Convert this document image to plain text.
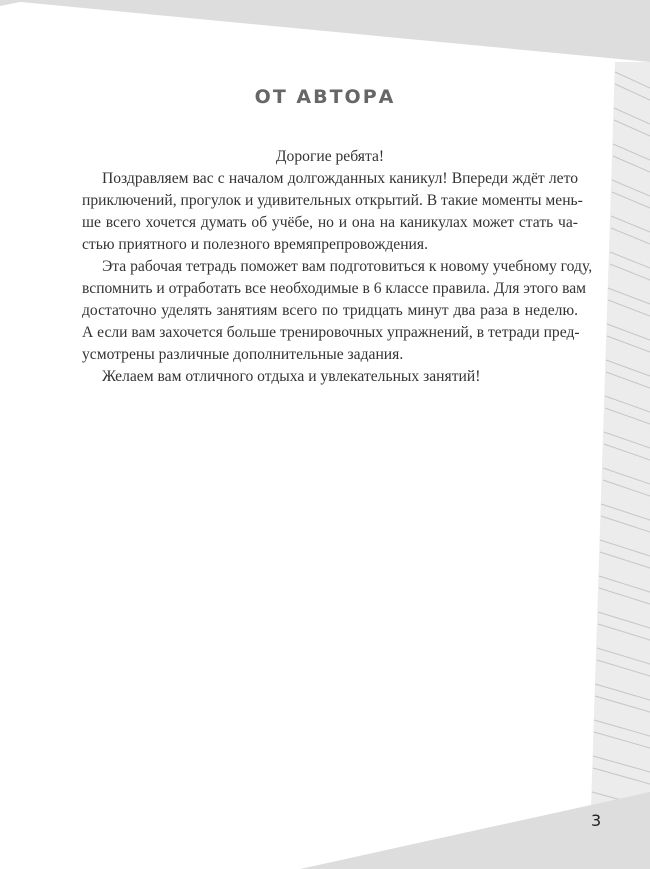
ОТ АВТОРА

Дорогие ребята!

Поздравляем вас с началом долгожданных каникул! Впереди ждёт лето
приключений, прогулок и удивительных открытий. В такие моменты мень-
ше всего хочется думать об учёбе, но и она на каникулах может стать ча-
стью приятного и полезного времяпрепровождения.

Эта рабочая тетрадь поможет вам подготовиться к новому учебному году,
вспомнить и отработать все необходимые в 6 классе правила. Для этого вам
достаточно уделять занятиям всего по тридцать минут два раза в неделю.
А если вам захочется больше тренировочных упражнений, в тетради пред-
усмотрены различные дополнительные задания.

Желаем вам отличного отдыха и увлекательных занятий!

3
